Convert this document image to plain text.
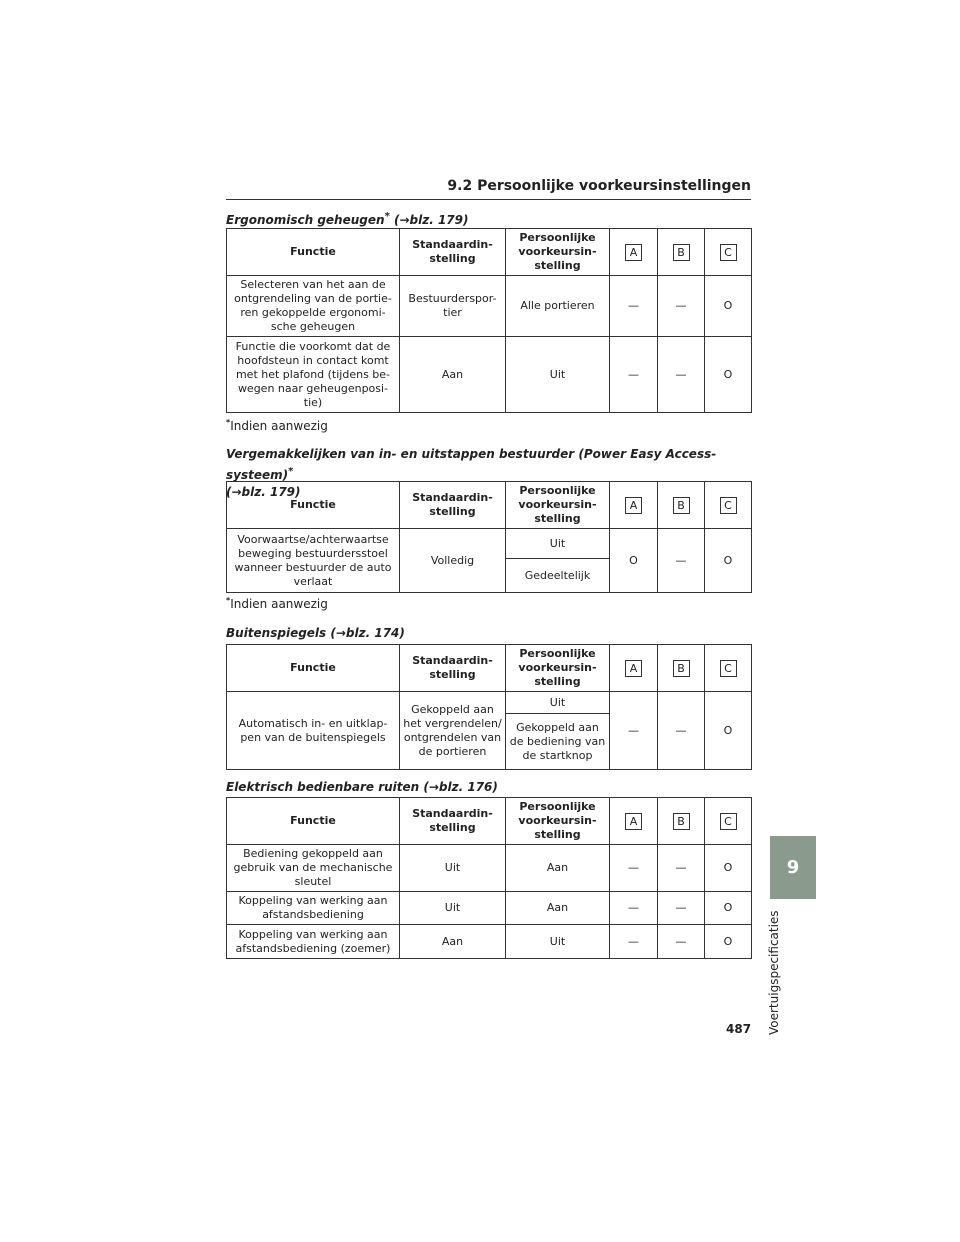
9.2 Persoonlijke voorkeursinstellingen
Ergonomisch geheugen* (→blz. 179)
Functie	Standaardin-stelling	Persoonlijke voorkeursin-stelling	A	B	C
Selecteren van het aan de ontgrendeling van de portie-ren gekoppelde ergonomi-sche geheugen	Bestuurderspor-tier	Alle portieren	—	—	O
Functie die voorkomt dat de hoofdsteun in contact komt met het plafond (tijdens be-wegen naar geheugenposi-tie)	Aan	Uit	—	—	O
*Indien aanwezig
Vergemakkelijken van in- en uitstappen bestuurder (Power Easy Access-systeem)*
(→blz. 179)
Functie	Standaardin-stelling	Persoonlijke voorkeursin-stelling	A	B	C
Voorwaartse/achterwaartse beweging bestuurdersstoel wanneer bestuurder de auto verlaat	Volledig	Uit	O	—	O
		Gedeeltelijk			
*Indien aanwezig
Buitenspiegels (→blz. 174)
Functie	Standaardin-stelling	Persoonlijke voorkeursin-stelling	A	B	C
Automatisch in- en uitklap-pen van de buitenspiegels	Gekoppeld aan het vergrendelen/ ontgrendelen van de portieren	Uit	—	—	O
		Gekoppeld aan de bediening van de startknop			
Elektrisch bedienbare ruiten (→blz. 176)
Functie	Standaardin-stelling	Persoonlijke voorkeursin-stelling	A	B	C
Bediening gekoppeld aan gebruik van de mechanische sleutel	Uit	Aan	—	—	O
Koppeling van werking aan afstandsbediening	Uit	Aan	—	—	O
Koppeling van werking aan afstandsbediening (zoemer)	Aan	Uit	—	—	O
9
Voertuigspecificaties
487
